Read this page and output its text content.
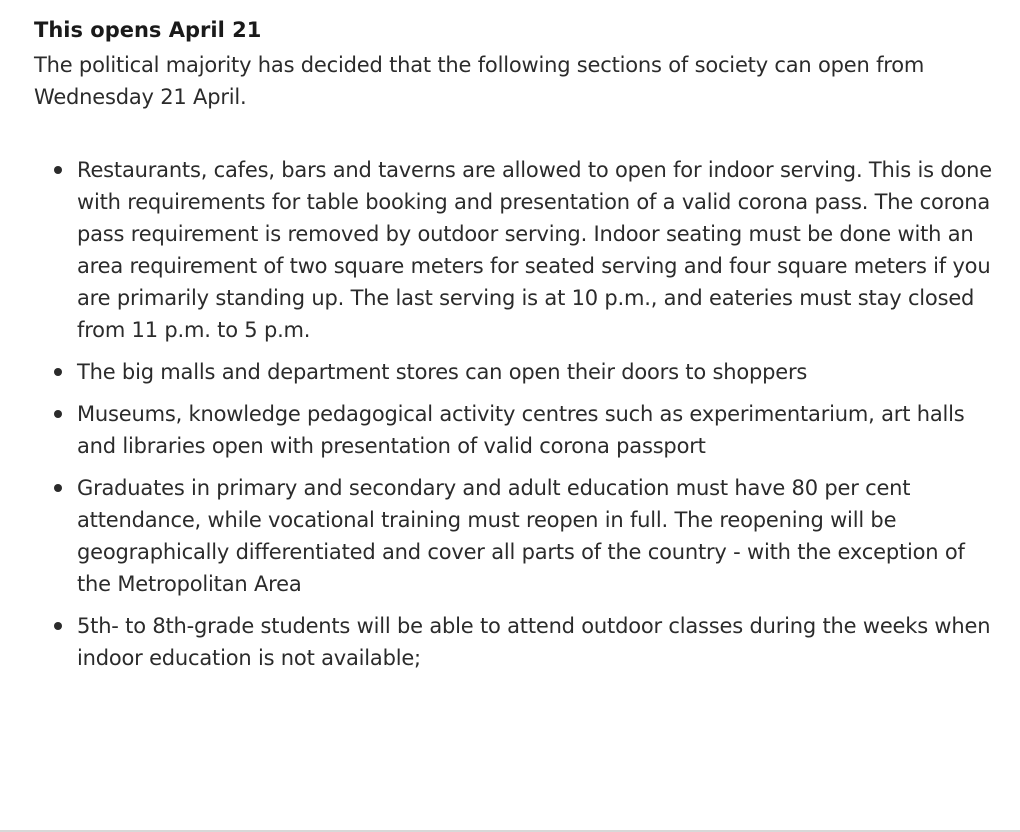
This opens April 21

The political majority has decided that the following sections of society can open from Wednesday 21 April.

Restaurants, cafes, bars and taverns are allowed to open for indoor serving. This is done with requirements for table booking and presentation of a valid corona pass. The corona pass requirement is removed by outdoor serving. Indoor seating must be done with an area requirement of two square meters for seated serving and four square meters if you are primarily standing up. The last serving is at 10 p.m., and eateries must stay closed from 11 p.m. to 5 p.m.
The big malls and department stores can open their doors to shoppers
Museums, knowledge pedagogical activity centres such as experimentarium, art halls and libraries open with presentation of valid corona passport
Graduates in primary and secondary and adult education must have 80 per cent attendance, while vocational training must reopen in full. The reopening will be geographically differentiated and cover all parts of the country - with the exception of the Metropolitan Area
5th- to 8th-grade students will be able to attend outdoor classes during the weeks when indoor education is not available;
